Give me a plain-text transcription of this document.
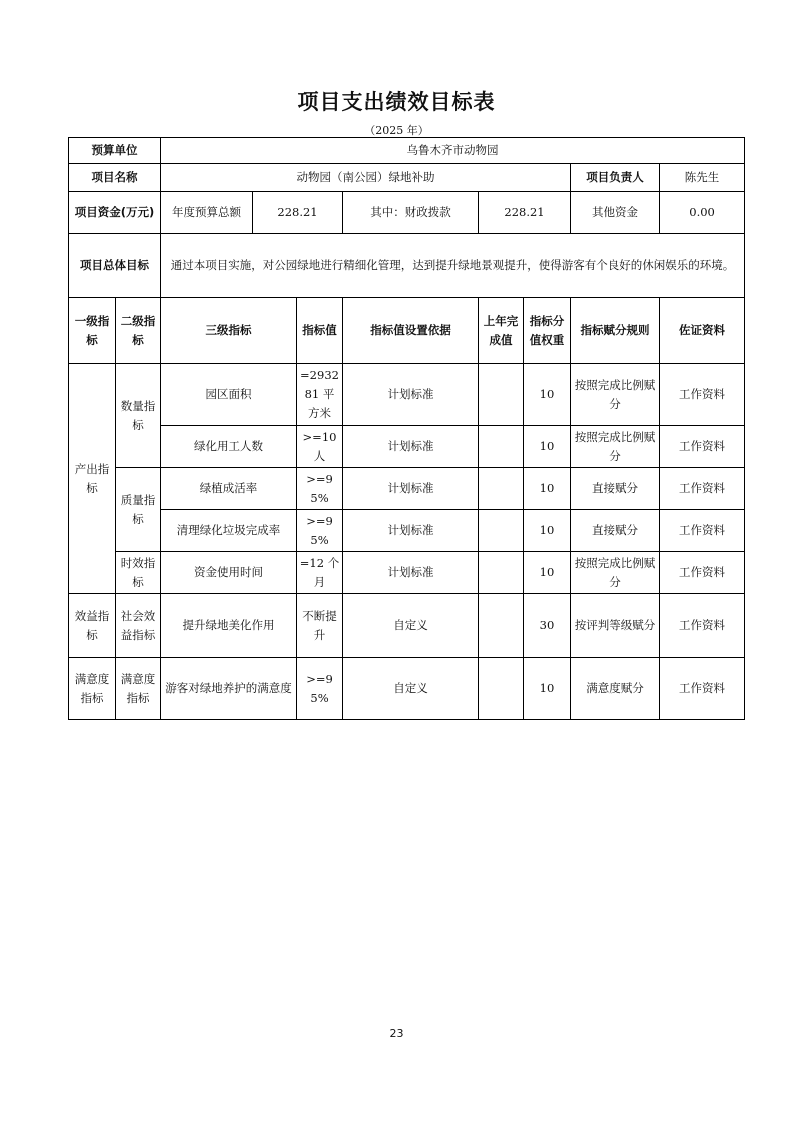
项目支出绩效目标表
（2025 年）
预算单位		乌鲁木齐市动物园							
项目名称		动物园（南公园）绿地补助						项目负责人	陈先生
项目资金(万元)		年度预算总额	228.21		其中：财政拨款	228.21		其他资金	0.00
项目总体目标		通过本项目实施，对公园绿地进行精细化管理，达到提升绿地景观提升，使得游客有个良好的休闲娱乐的环境。							
一级指标	二级指标	三级指标		指标值	指标值设置依据	上年完成值	指标分值权重	指标赋分规则	佐证资料
产出指标	数量指标	园区面积		=293281 平方米	计划标准		10	按照完成比例赋分	工作资料
		绿化用工人数		>=10人	计划标准		10	按照完成比例赋分	工作资料
	质量指标	绿植成活率		>=95%	计划标准		10	直接赋分	工作资料
		清理绿化垃圾完成率		>=95%	计划标准		10	直接赋分	工作资料
	时效指标	资金使用时间		=12 个月	计划标准		10	按照完成比例赋分	工作资料
效益指标	社会效益指标	提升绿地美化作用		不断提升	自定义		30	按评判等级赋分	工作资料
满意度指标	满意度指标	游客对绿地养护的满意度		>=95%	自定义		10	满意度赋分	工作资料
23
